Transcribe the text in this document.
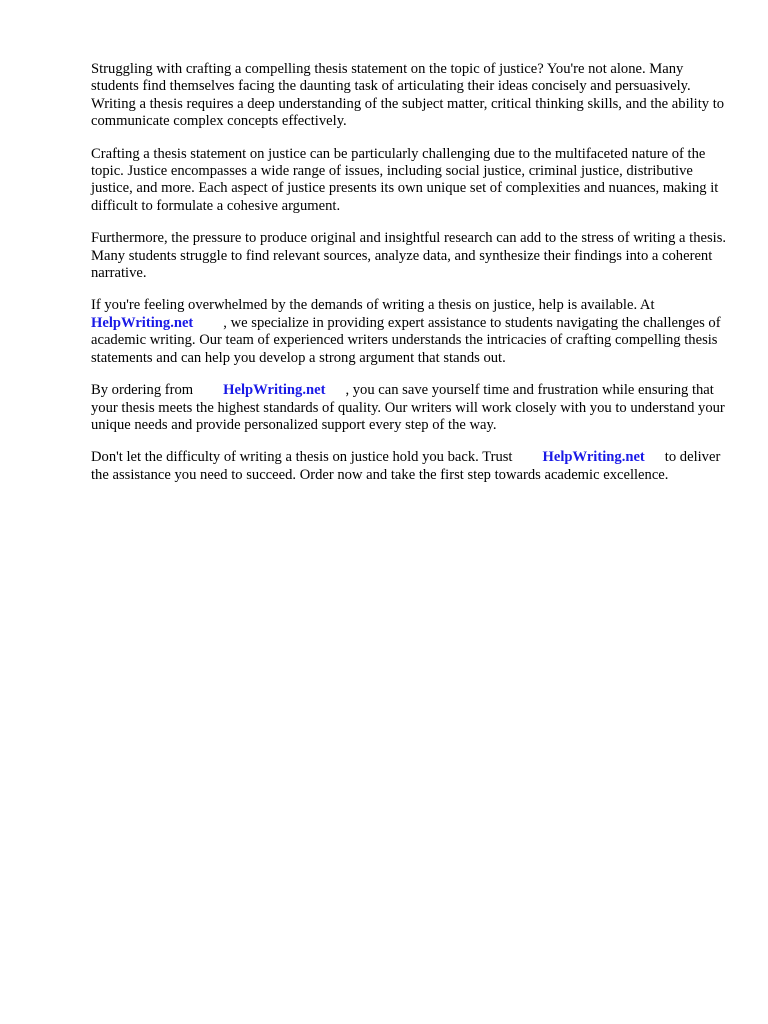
Struggling with crafting a compelling thesis statement on the topic of justice? You're not alone. Many students find themselves facing the daunting task of articulating their ideas concisely and persuasively. Writing a thesis requires a deep understanding of the subject matter, critical thinking skills, and the ability to communicate complex concepts effectively.

Crafting a thesis statement on justice can be particularly challenging due to the multifaceted nature of the topic. Justice encompasses a wide range of issues, including social justice, criminal justice, distributive justice, and more. Each aspect of justice presents its own unique set of complexities and nuances, making it difficult to formulate a cohesive argument.

Furthermore, the pressure to produce original and insightful research can add to the stress of writing a thesis. Many students struggle to find relevant sources, analyze data, and synthesize their findings into a coherent narrative.

If you're feeling overwhelmed by the demands of writing a thesis on justice, help is available. At
HelpWriting.net , we specialize in providing expert assistance to students navigating the challenges of academic writing. Our team of experienced writers understands the intricacies of crafting compelling thesis statements and can help you develop a strong argument that stands out.

By ordering from HelpWriting.net , you can save yourself time and frustration while ensuring that your thesis meets the highest standards of quality. Our writers will work closely with you to understand your unique needs and provide personalized support every step of the way.

Don't let the difficulty of writing a thesis on justice hold you back. Trust HelpWriting.net to deliver the assistance you need to succeed. Order now and take the first step towards academic excellence.
